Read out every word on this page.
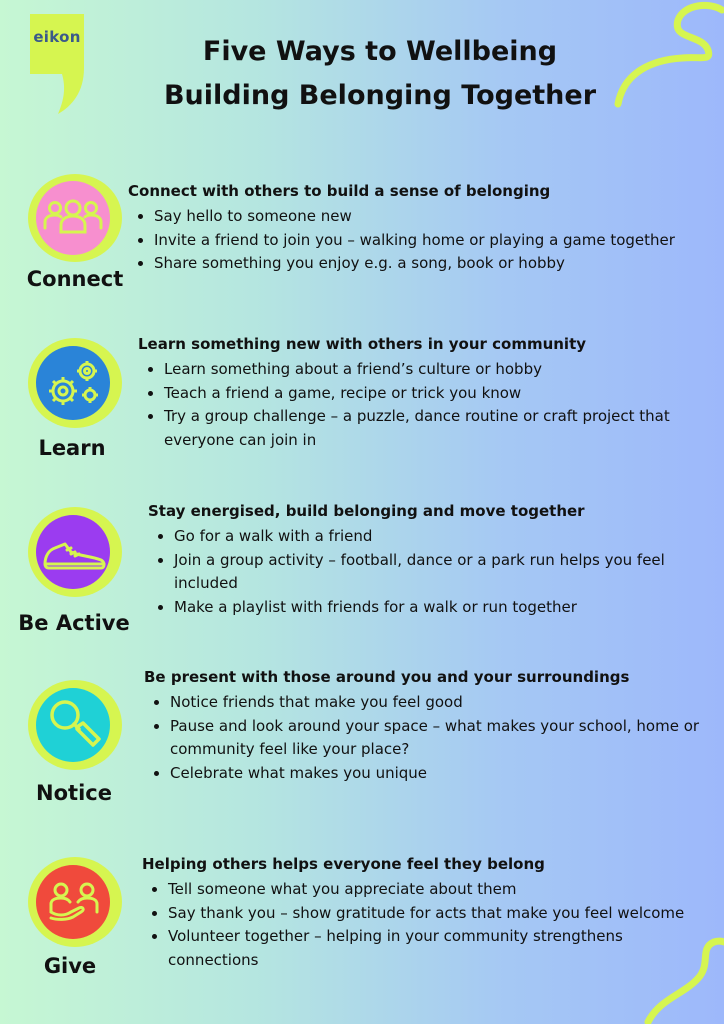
eikon	Five Ways to Wellbeing
Building Belonging Together
Connect
Connect with others to build a sense of belonging
• Say hello to someone new
• Invite a friend to join you – walking home or playing a game together
• Share something you enjoy e.g. a song, book or hobby
Learn
Learn something new with others in your community
• Learn something about a friend’s culture or hobby
• Teach a friend a game, recipe or trick you know
• Try a group challenge – a puzzle, dance routine or craft project that everyone can join in
Be Active
Stay energised, build belonging and move together
• Go for a walk with a friend
• Join a group activity – football, dance or a park run helps you feel included
• Make a playlist with friends for a walk or run together
Notice
Be present with those around you and your surroundings
• Notice friends that make you feel good
• Pause and look around your space – what makes your school, home or community feel like your place?
• Celebrate what makes you unique
Give
Helping others helps everyone feel they belong
• Tell someone what you appreciate about them
• Say thank you – show gratitude for acts that make you feel welcome
• Volunteer together – helping in your community strengthens connections
